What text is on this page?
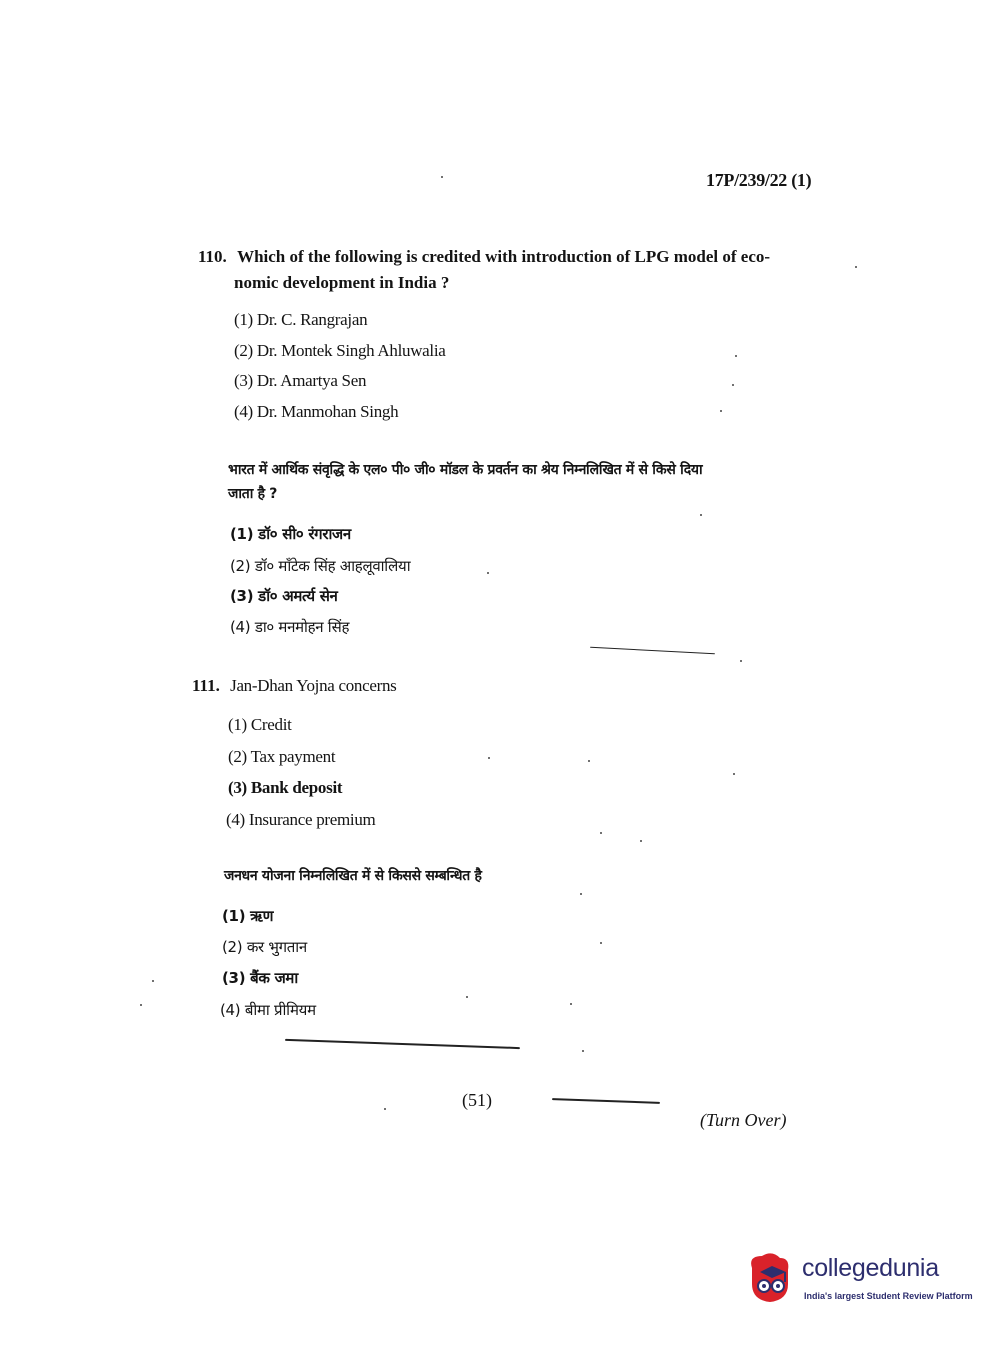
17P/239/22 (1)
110. Which of the following is credited with introduction of LPG model of eco-
nomic development in India ?
(1) Dr. C. Rangrajan
(2) Dr. Montek Singh Ahluwalia
(3) Dr. Amartya Sen
(4) Dr. Manmohan Singh
भारत में आर्थिक संवृद्धि के एल० पी० जी० मॉडल के प्रवर्तन का श्रेय निम्नलिखित में से किसे दिया
जाता है ?
(1) डॉ० सी० रंगराजन
(2) डॉ० मॉंटेक सिंह आहलूवालिया
(3) डॉ० अमर्त्य सेन
(4) डा० मनमोहन सिंह
111. Jan-Dhan Yojna concerns
(1) Credit
(2) Tax payment
(3) Bank deposit
(4) Insurance premium
जनधन योजना निम्नलिखित में से किससे सम्बन्धित है
(1) ऋण
(2) कर भुगतान
(3) बैंक जमा
(4) बीमा प्रीमियम
(51)
(Turn Over)
collegedunia
India's largest Student Review Platform
